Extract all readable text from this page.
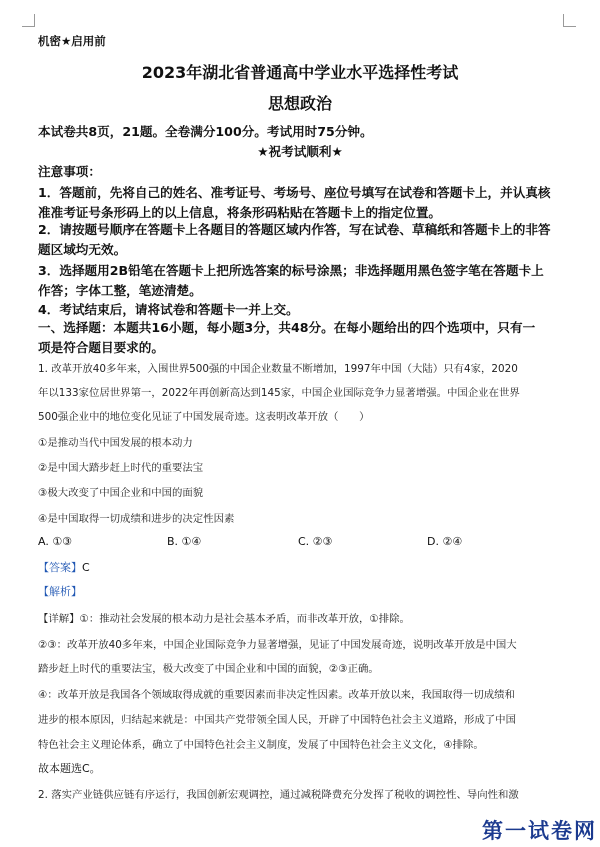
机密★启用前
2023年湖北省普通高中学业水平选择性考试
思想政治
本试卷共8页，21题。全卷满分100分。考试用时75分钟。
★祝考试顺利★
注意事项：
1．答题前，先将自己的姓名、准考证号、考场号、座位号填写在试卷和答题卡上，并认真核
准准考证号条形码上的以上信息，将条形码粘贴在答题卡上的指定位置。
2．请按题号顺序在答题卡上各题目的答题区域内作答，写在试卷、草稿纸和答题卡上的非答
题区域均无效。
3．选择题用2B铅笔在答题卡上把所选答案的标号涂黑；非选择题用黑色签字笔在答题卡上
作答；字体工整，笔迹清楚。
4．考试结束后，请将试卷和答题卡一并上交。
一、选择题：本题共16小题，每小题3分，共48分。在每小题给出的四个选项中，只有一
项是符合题目要求的。
1. 改革开放40多年来，入围世界500强的中国企业数量不断增加，1997年中国（大陆）只有4家，2020
年以133家位居世界第一，2022年再创新高达到145家，中国企业国际竞争力显著增强。中国企业在世界
500强企业中的地位变化见证了中国发展奇迹。这表明改革开放（　　）
①是推动当代中国发展的根本动力
②是中国大踏步赶上时代的重要法宝
③极大改变了中国企业和中国的面貌
④是中国取得一切成绩和进步的决定性因素
A. ①③	B. ①④	C. ②③	D. ②④
【答案】C
【解析】
【详解】①：推动社会发展的根本动力是社会基本矛盾，而非改革开放，①排除。
②③：改革开放40多年来，中国企业国际竞争力显著增强，见证了中国发展奇迹，说明改革开放是中国大
踏步赶上时代的重要法宝，极大改变了中国企业和中国的面貌，②③正确。
④：改革开放是我国各个领域取得成就的重要因素而非决定性因素。改革开放以来，我国取得一切成绩和
进步的根本原因，归结起来就是：中国共产党带领全国人民，开辟了中国特色社会主义道路，形成了中国
特色社会主义理论体系，确立了中国特色社会主义制度，发展了中国特色社会主义文化，④排除。
故本题选C。
2. 落实产业链供应链有序运行，我国创新宏观调控，通过减税降费充分发挥了税收的调控性、导向性和激
第一试卷网
